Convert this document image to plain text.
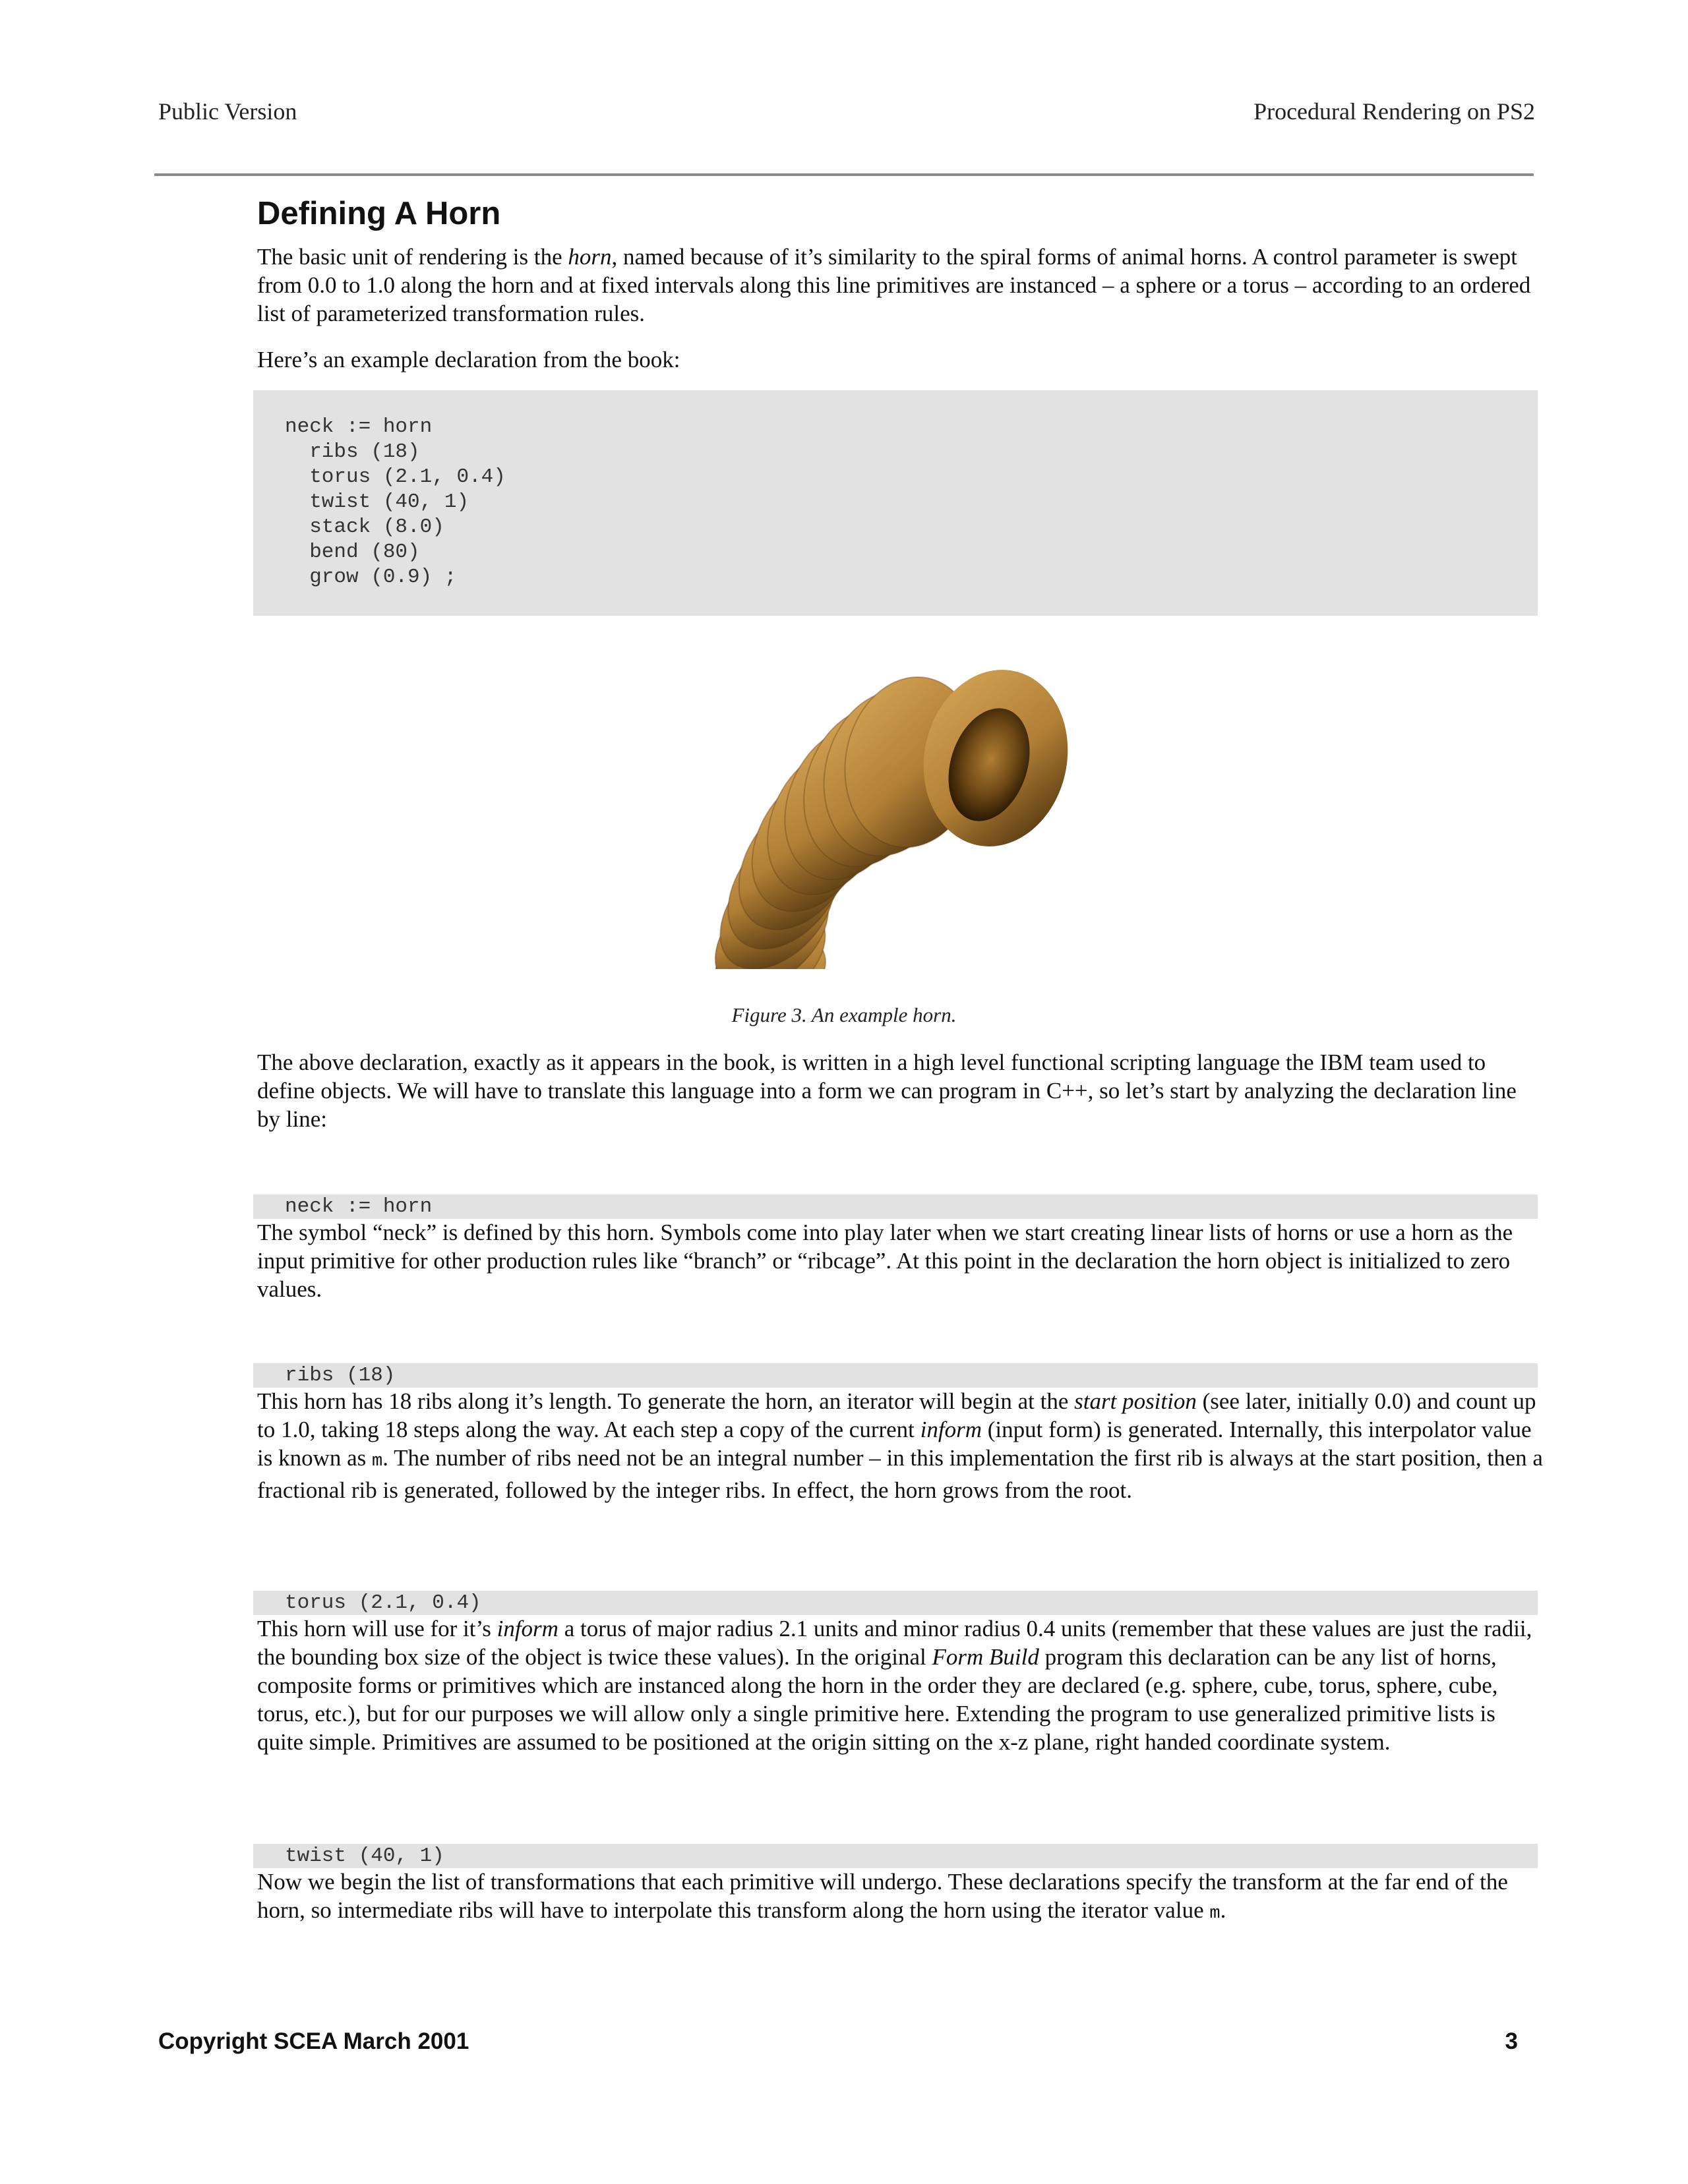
Public Version	Procedural Rendering on PS2
Defining A Horn

The basic unit of rendering is the horn, named because of it’s similarity to the spiral forms of animal horns. A control parameter is swept from 0.0 to 1.0 along the horn and at fixed intervals along this line primitives are instanced – a sphere or a torus – according to an ordered list of parameterized transformation rules.

Here’s an example declaration from the book:

neck := horn
ribs (18)
torus (2.1, 0.4)
twist (40, 1)
stack (8.0)
bend (80)
grow (0.9) ;
Figure 3. An example horn.

The above declaration, exactly as it appears in the book, is written in a high level functional scripting language the IBM team used to define objects. We will have to translate this language into a form we can program in C++, so let’s start by analyzing the declaration line by line:

neck := horn

The symbol “neck” is defined by this horn. Symbols come into play later when we start creating linear lists of horns or use a horn as the input primitive for other production rules like “branch” or “ribcage”. At this point in the declaration the horn object is initialized to zero values.

ribs (18)

This horn has 18 ribs along it’s length. To generate the horn, an iterator will begin at the start position (see later, initially 0.0) and count up to 1.0, taking 18 steps along the way. At each step a copy of the current inform (input form) is generated. Internally, this interpolator value is known as m. The number of ribs need not be an integral number – in this implementation the first rib is always at the start position, then a fractional rib is generated, followed by the integer ribs. In effect, the horn grows from the root.

torus (2.1, 0.4)

This horn will use for it’s inform a torus of major radius 2.1 units and minor radius 0.4 units (remember that these values are just the radii, the bounding box size of the object is twice these values). In the original Form Build program this declaration can be any list of horns, composite forms or primitives which are instanced along the horn in the order they are declared (e.g. sphere, cube, torus, sphere, cube, torus, etc.), but for our purposes we will allow only a single primitive here. Extending the program to use generalized primitive lists is quite simple. Primitives are assumed to be positioned at the origin sitting on the x-z plane, right handed coordinate system.

twist (40, 1)

Now we begin the list of transformations that each primitive will undergo. These declarations specify the transform at the far end of the horn, so intermediate ribs will have to interpolate this transform along the horn using the iterator value m.

Copyright SCEA March 2001	3
